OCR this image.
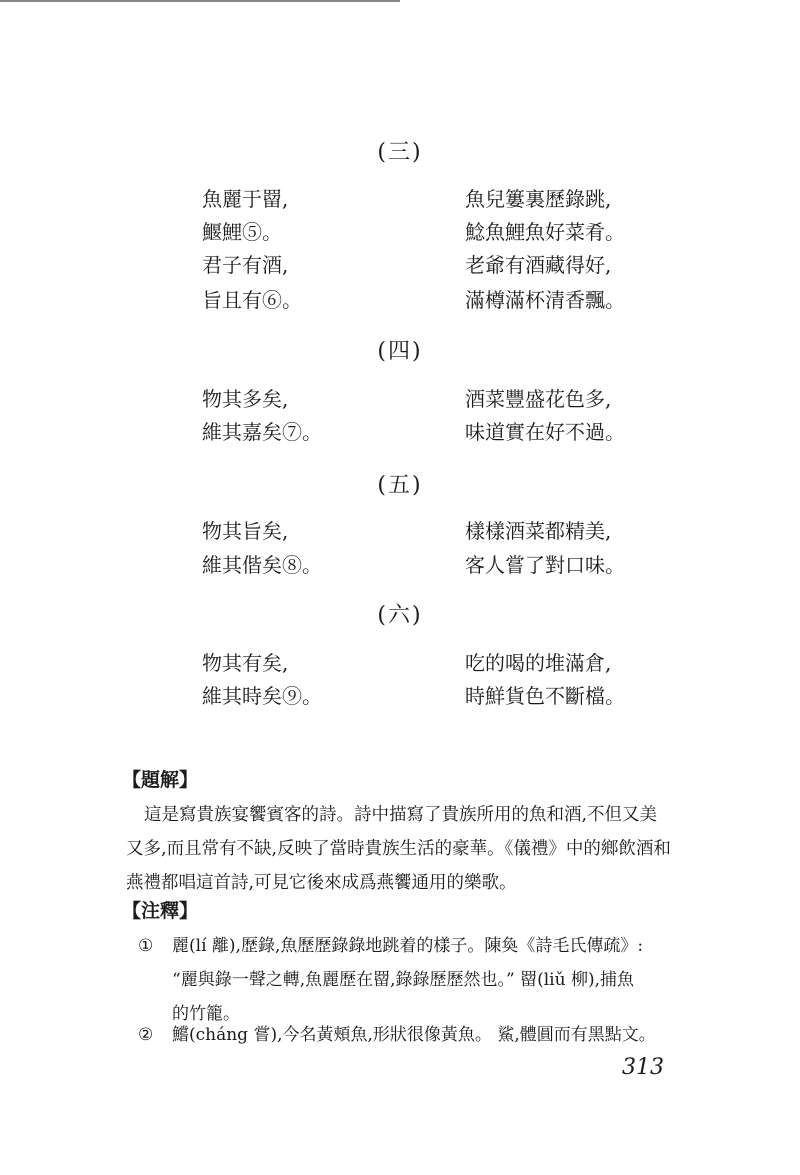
(三)
魚麗于罶,	魚兒簍裏歷錄跳,
鰋鯉⑤。	鯰魚鯉魚好菜肴。
君子有酒,	老爺有酒藏得好,
旨且有⑥。	滿樽滿杯清香飄。
(四)
物其多矣,	酒菜豐盛花色多,
維其嘉矣⑦。	味道實在好不過。
(五)
物其旨矣,	樣樣酒菜都精美,
維其偕矣⑧。	客人嘗了對口味。
(六)
物其有矣,	吃的喝的堆滿倉,
維其時矣⑨。	時鮮貨色不斷檔。
【題解】
這是寫貴族宴饗賓客的詩。詩中描寫了貴族所用的魚和酒,不但又美
又多,而且常有不缺,反映了當時貴族生活的豪華。《儀禮》中的鄉飲酒和
燕禮都唱這首詩,可見它後來成爲燕饗通用的樂歌。
【注釋】
① 麗(lí 離),歷錄,魚歷歷錄錄地跳着的樣子。陳奐《詩毛氏傳疏》:
“麗與錄一聲之轉,魚麗歷在罶,錄錄歷歷然也。” 罶(liǔ 柳),捕魚
的竹籠。
② 鱨(cháng 嘗),今名黃頰魚,形狀很像黃魚。 鯊,體圓而有黑點文。
313
